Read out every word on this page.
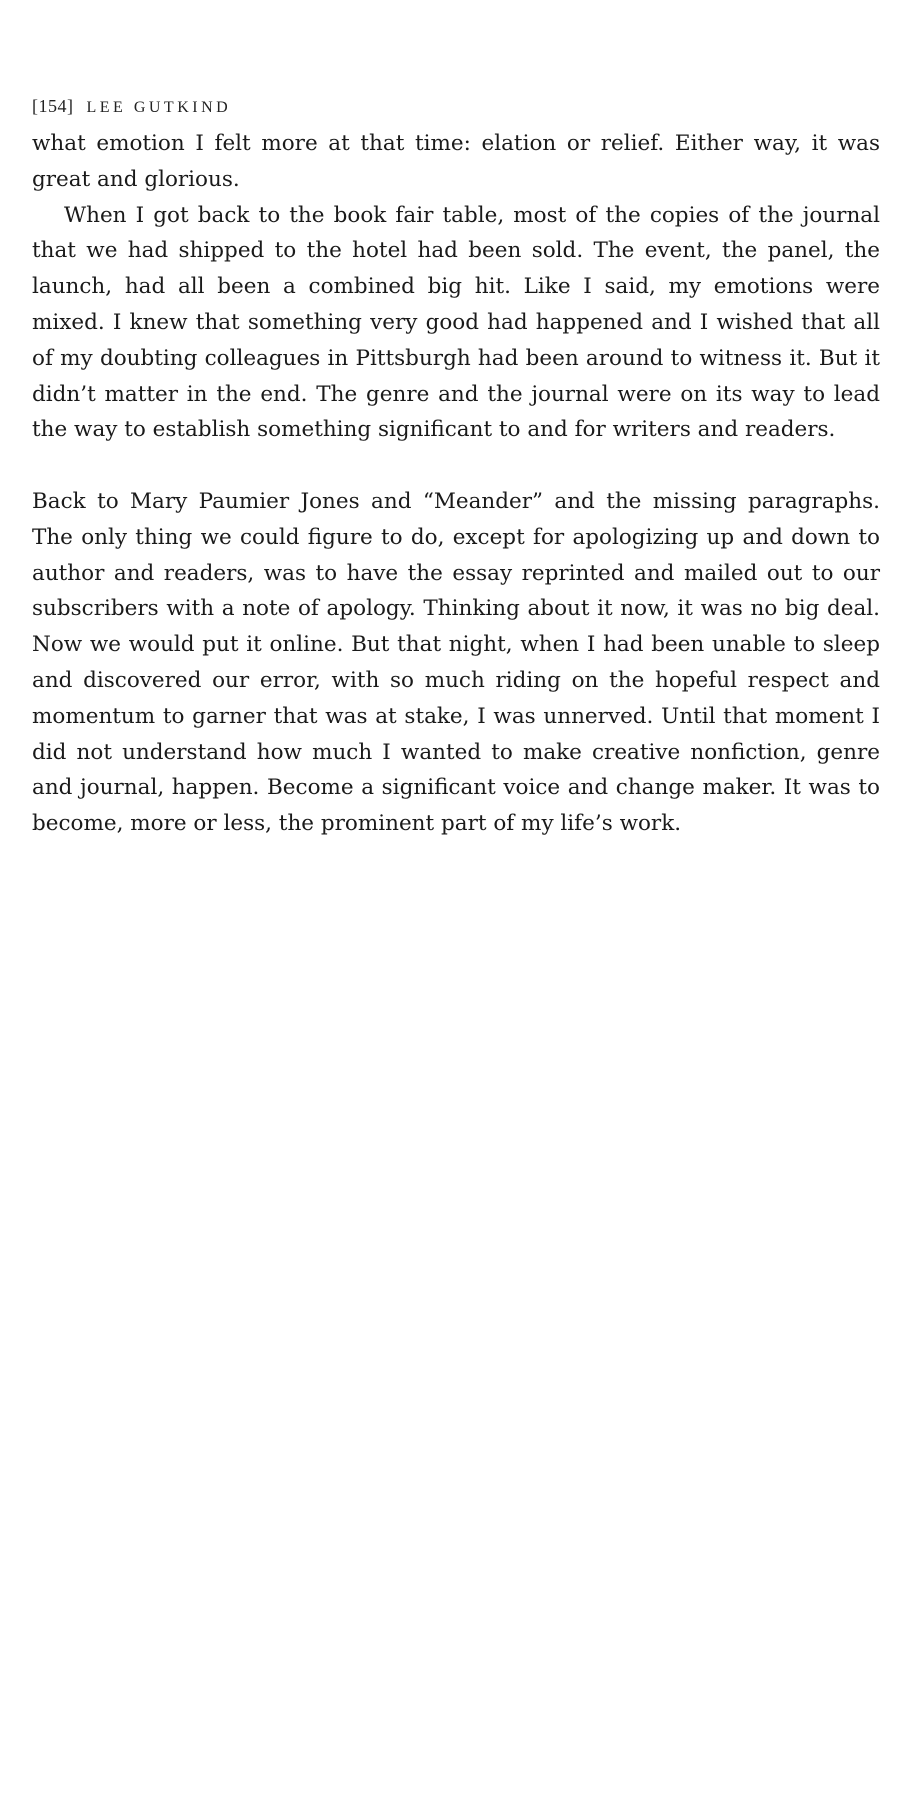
[154] LEE GUTKIND

what emotion I felt more at that time: elation or relief. Either way, it was great and glorious.

When I got back to the book fair table, most of the copies of the journal that we had shipped to the hotel had been sold. The event, the panel, the launch, had all been a combined big hit. Like I said, my emotions were mixed. I knew that something very good had happened and I wished that all of my doubting colleagues in Pittsburgh had been around to witness it. But it didn’t matter in the end. The genre and the journal were on its way to lead the way to establish something significant to and for writers and readers.

Back to Mary Paumier Jones and “Meander” and the missing paragraphs. The only thing we could figure to do, except for apologizing up and down to author and readers, was to have the essay reprinted and mailed out to our subscribers with a note of apology. Thinking about it now, it was no big deal. Now we would put it online. But that night, when I had been unable to sleep and discovered our error, with so much riding on the hopeful respect and momentum to garner that was at stake, I was unnerved. Until that moment I did not understand how much I wanted to make creative nonfiction, genre and journal, happen. Become a significant voice and change maker. It was to become, more or less, the prominent part of my life’s work.
